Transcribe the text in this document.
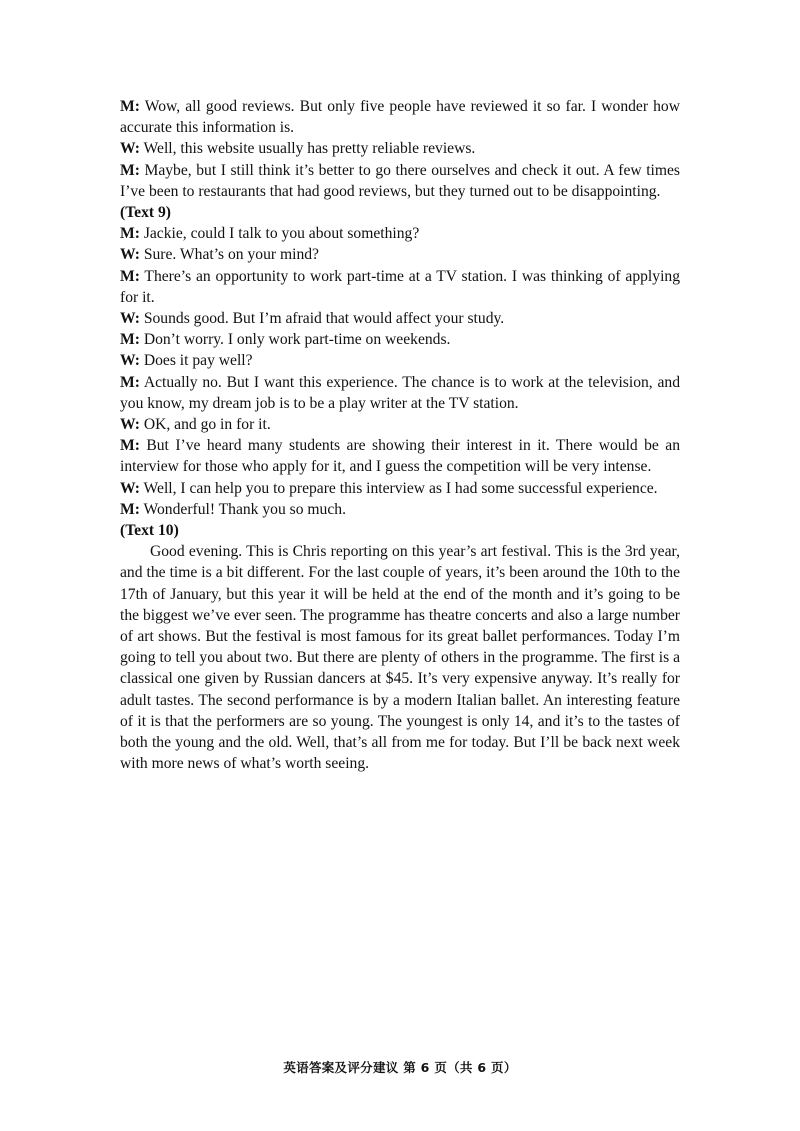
M: Wow, all good reviews. But only five people have reviewed it so far. I wonder how accurate this information is.

W: Well, this website usually has pretty reliable reviews.

M: Maybe, but I still think it’s better to go there ourselves and check it out. A few times I’ve been to restaurants that had good reviews, but they turned out to be disappointing.

(Text 9)

M: Jackie, could I talk to you about something?

W: Sure. What’s on your mind?

M: There’s an opportunity to work part-time at a TV station. I was thinking of applying for it.

W: Sounds good. But I’m afraid that would affect your study.

M: Don’t worry. I only work part-time on weekends.

W: Does it pay well?

M: Actually no. But I want this experience. The chance is to work at the television, and you know, my dream job is to be a play writer at the TV station.

W: OK, and go in for it.

M: But I’ve heard many students are showing their interest in it. There would be an interview for those who apply for it, and I guess the competition will be very intense.

W: Well, I can help you to prepare this interview as I had some successful experience.

M: Wonderful! Thank you so much.

(Text 10)

Good evening. This is Chris reporting on this year’s art festival. This is the 3rd year, and the time is a bit different. For the last couple of years, it’s been around the 10th to the 17th of January, but this year it will be held at the end of the month and it’s going to be the biggest we’ve ever seen. The programme has theatre concerts and also a large number of art shows. But the festival is most famous for its great ballet performances. Today I’m going to tell you about two. But there are plenty of others in the programme. The first is a classical one given by Russian dancers at $45. It’s very expensive anyway. It’s really for adult tastes. The second performance is by a modern Italian ballet. An interesting feature of it is that the performers are so young. The youngest is only 14, and it’s to the tastes of both the young and the old. Well, that’s all from me for today. But I’ll be back next week with more news of what’s worth seeing.

英语答案及评分建议 第 6 页（共 6 页）
